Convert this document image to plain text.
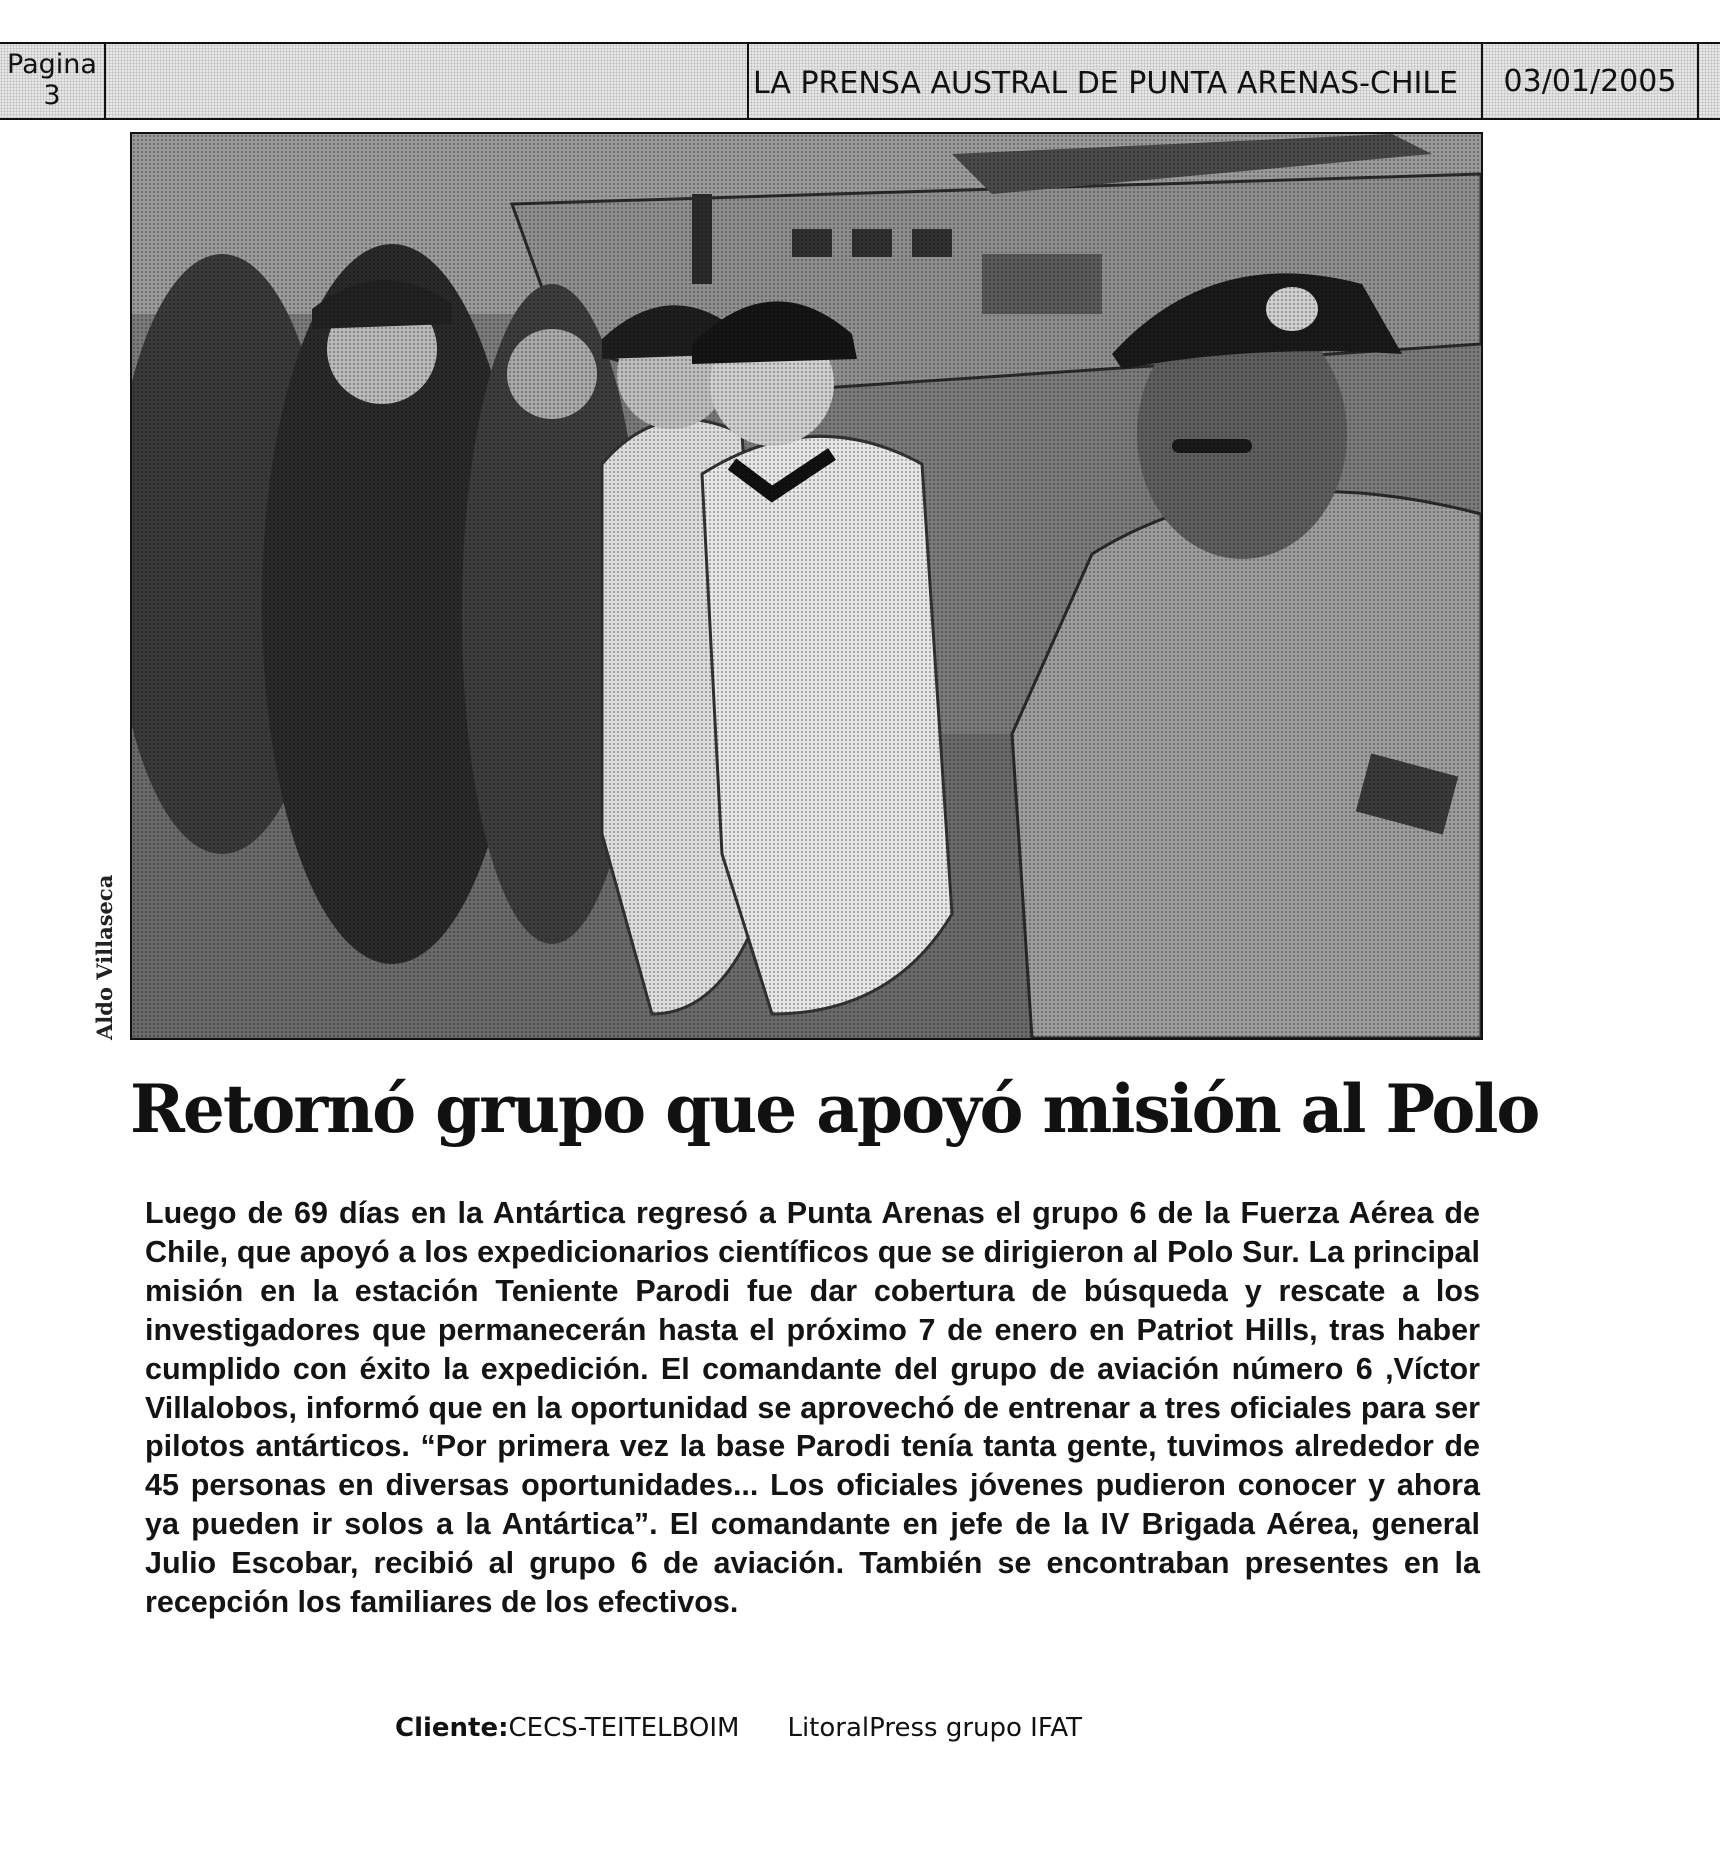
Pagina
3	LA PRENSA AUSTRAL DE PUNTA ARENAS-CHILE	03/01/2005
Aldo Villaseca
Retornó grupo que apoyó misión al Polo
Luego de 69 días en la Antártica regresó a Punta Arenas el grupo 6 de la Fuerza Aérea de Chile, que apoyó a los expedicionarios científicos que se dirigieron al Polo Sur. La principal misión en la estación Teniente Parodi fue dar cobertura de búsqueda y rescate a los investigadores que permanecerán hasta el próximo 7 de enero en Patriot Hills, tras haber cumplido con éxito la expedición. El comandante del grupo de aviación número 6 ,Víctor Villalobos, informó que en la oportunidad se aprovechó de entrenar a tres oficiales para ser pilotos antárticos. “Por primera vez la base Parodi tenía tanta gente, tuvimos alrededor de 45 personas en diversas oportunidades... Los oficiales jóvenes pudieron conocer y ahora ya pueden ir solos a la Antártica”. El comandante en jefe de la IV Brigada Aérea, general Julio Escobar, recibió al grupo 6 de aviación. También se encontraban presentes en la recepción los familiares de los efectivos.
Cliente:CECS-TEITELBOIM LitoralPress grupo IFAT
